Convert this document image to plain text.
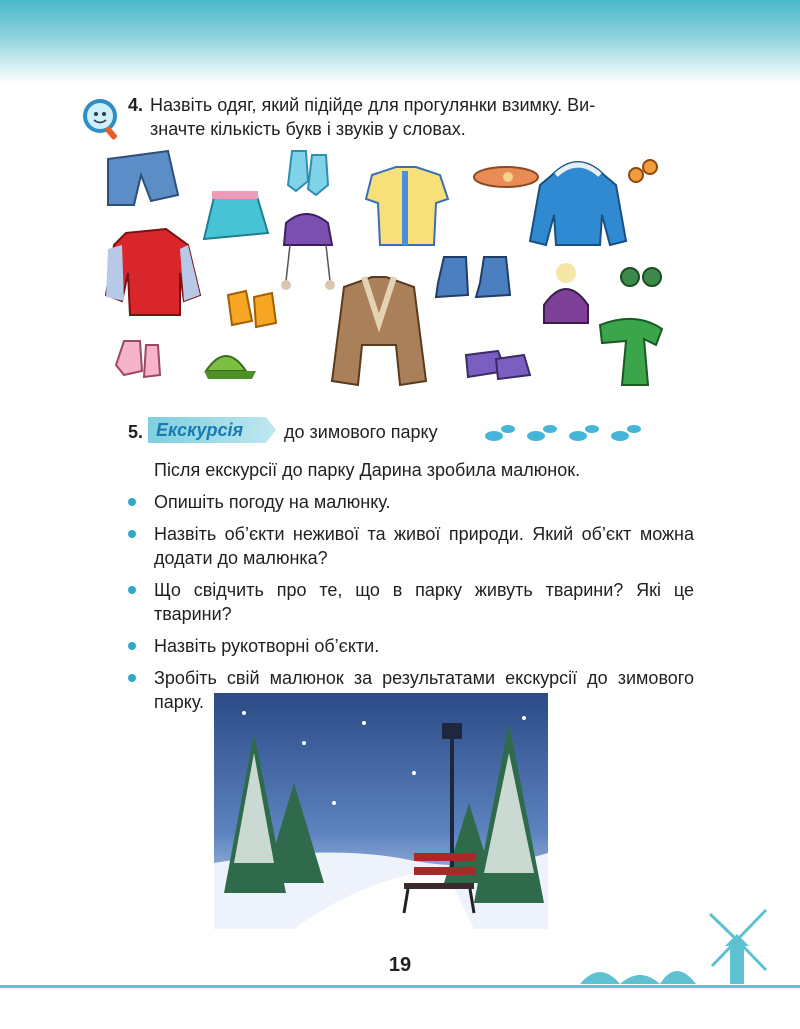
4. Назвіть одяг, який підійде для прогулянки взимку. Ви-
значте кількість букв і звуків у словах.
5. Екскурсія до зимового парку
Після екскурсії до парку Дарина зробила малюнок.
Опишіть погоду на малюнку.
Назвіть об’єкти неживої та живої природи. Який об’єкт можна додати до малюнка?
Що свідчить про те, що в парку живуть тварини? Які це тварини?
Назвіть рукотворні об’єкти.
Зробіть свій малюнок за результатами екскурсії до зимового парку.
19
